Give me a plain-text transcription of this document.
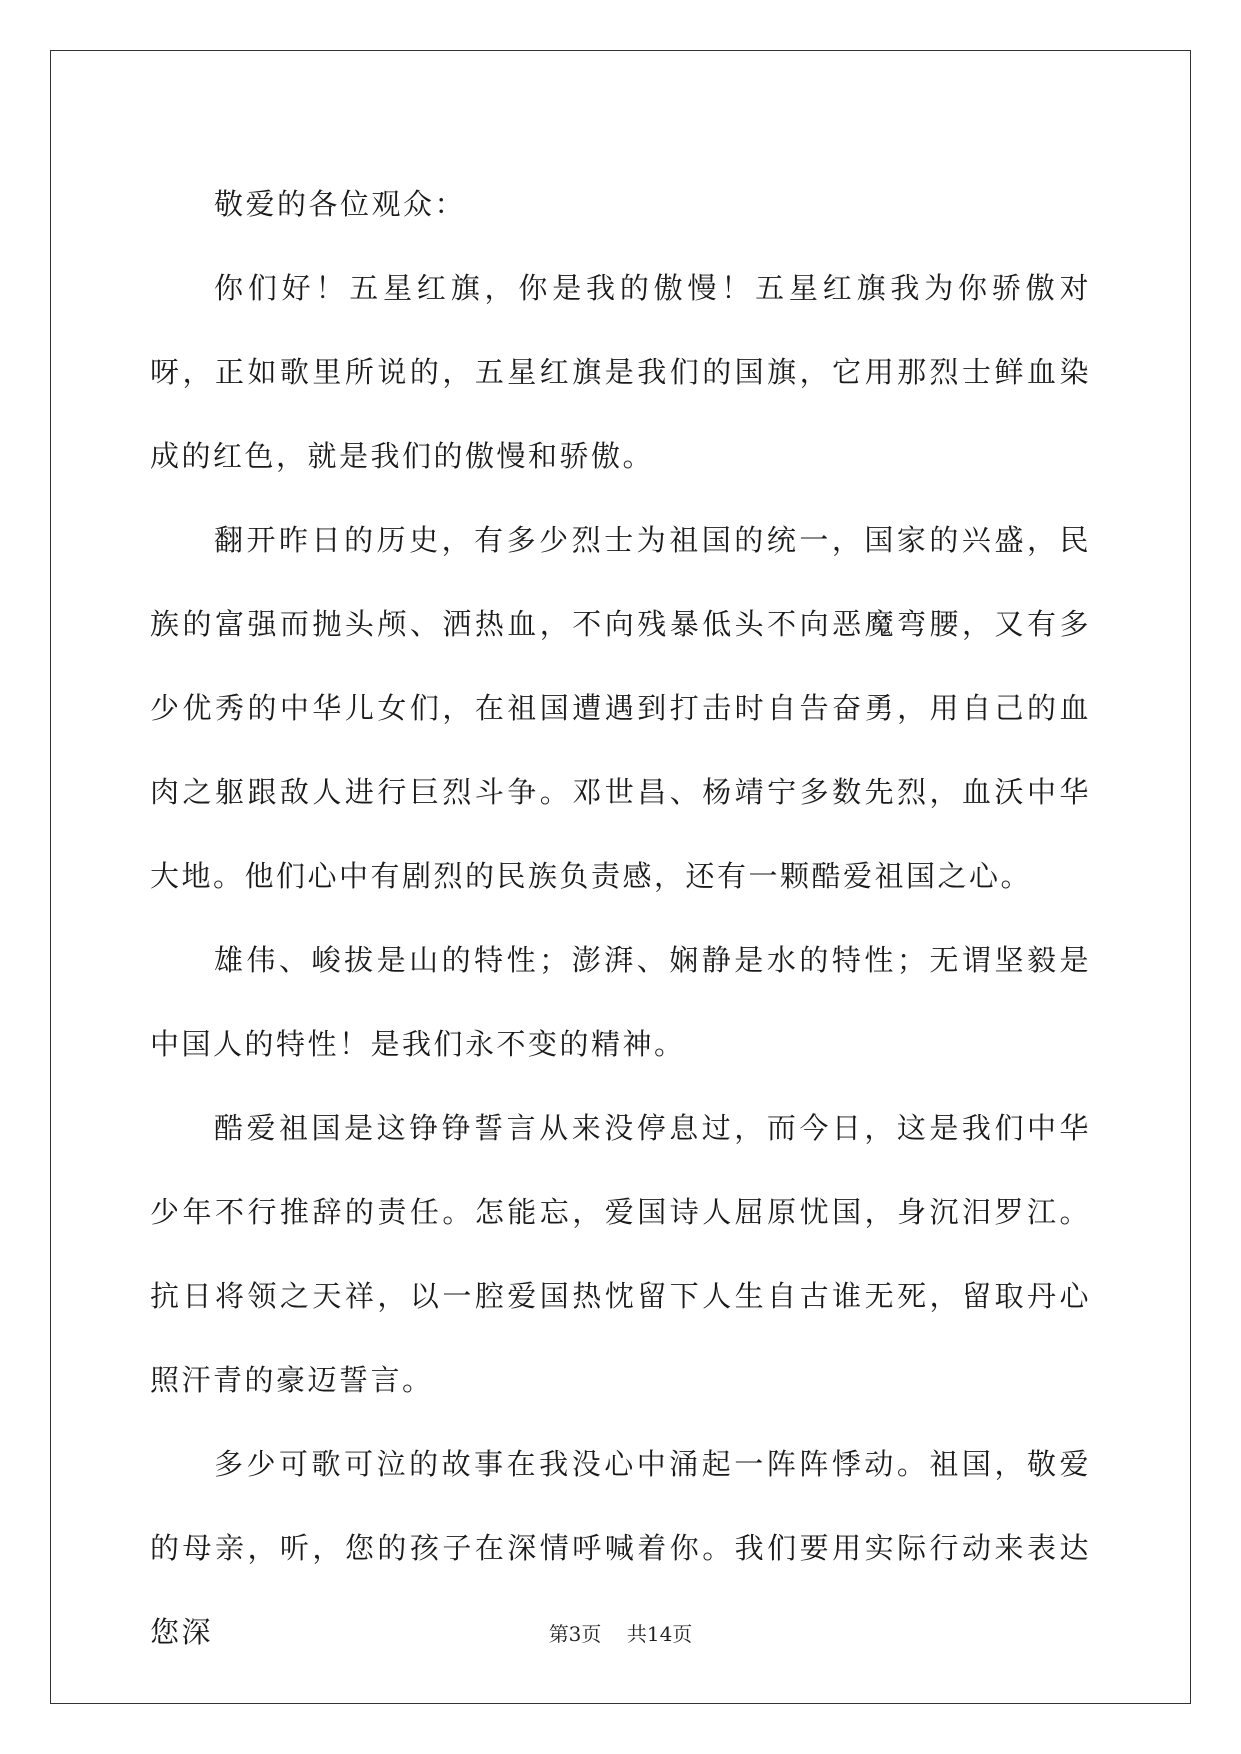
敬爱的各位观众：

你们好！五星红旗，你是我的傲慢！五星红旗我为你骄傲对呀，正如歌里所说的，五星红旗是我们的国旗，它用那烈士鲜血染成的红色，就是我们的傲慢和骄傲。

翻开昨日的历史，有多少烈士为祖国的统一，国家的兴盛，民族的富强而抛头颅、洒热血，不向残暴低头不向恶魔弯腰，又有多少优秀的中华儿女们，在祖国遭遇到打击时自告奋勇，用自己的血肉之躯跟敌人进行巨烈斗争。邓世昌、杨靖宁多数先烈，血沃中华大地。他们心中有剧烈的民族负责感，还有一颗酷爱祖国之心。

雄伟、峻拔是山的特性；澎湃、娴静是水的特性；无谓坚毅是中国人的特性！是我们永不变的精神。

酷爱祖国是这铮铮誓言从来没停息过，而今日，这是我们中华少年不行推辞的责任。怎能忘，爱国诗人屈原忧国，身沉汨罗江。抗日将领之天祥，以一腔爱国热忱留下人生自古谁无死，留取丹心照汗青的豪迈誓言。

多少可歌可泣的故事在我没心中涌起一阵阵悸动。祖国，敬爱的母亲，听，您的孩子在深情呼喊着你。我们要用实际行动来表达您深	第3页 共14页
